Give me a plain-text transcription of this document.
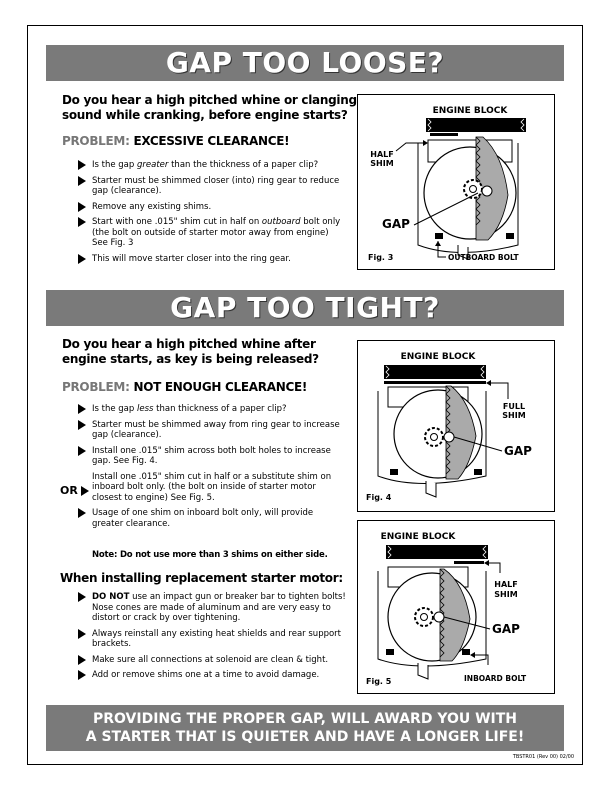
GAP TOO LOOSE?
Do you hear a high pitched whine or clanging sound while cranking, before engine starts?
PROBLEM: EXCESSIVE CLEARANCE!
Is the gap greater than the thickness of a paper clip?
Starter must be shimmed closer (into) ring gear to reduce gap (clearance).
Remove any existing shims.
Start with one .015" shim cut in half on outboard bolt only (the bolt on outside of starter motor away from engine) See Fig. 3
This will move starter closer into the ring gear.
ENGINE BLOCK
HALF
SHIM
GAP
Fig. 3	OUTBOARD BOLT
GAP TOO TIGHT?
Do you hear a high pitched whine after engine starts, as key is being released?
PROBLEM: NOT ENOUGH CLEARANCE!
Is the gap less than thickness of a paper clip?
Starter must be shimmed away from ring gear to increase gap (clearance).
Install one .015" shim across both bolt holes to increase gap. See Fig. 4.
Install one .015" shim cut in half or a substitute shim on inboard bolt only. (the bolt on inside of starter motor closest to engine) See Fig. 5.
Usage of one shim on inboard bolt only, will provide greater clearance.
OR
Note: Do not use more than 3 shims on either side.
When installing replacement starter motor:
DO NOT use an impact gun or breaker bar to tighten bolts! Nose cones are made of aluminum and are very easy to distort or crack by over tightening.
Always reinstall any existing heat shields and rear support brackets.
Make sure all connections at solenoid are clean & tight.
Add or remove shims one at a time to avoid damage.
ENGINE BLOCK
FULL
SHIM
GAP
Fig. 4
ENGINE BLOCK
HALF
SHIM
GAP
Fig. 5	INBOARD BOLT
PROVIDING THE PROPER GAP, WILL AWARD YOU WITH
A STARTER THAT IS QUIETER AND HAVE A LONGER LIFE!
TBSTR01 (Rev 00) 02/00
